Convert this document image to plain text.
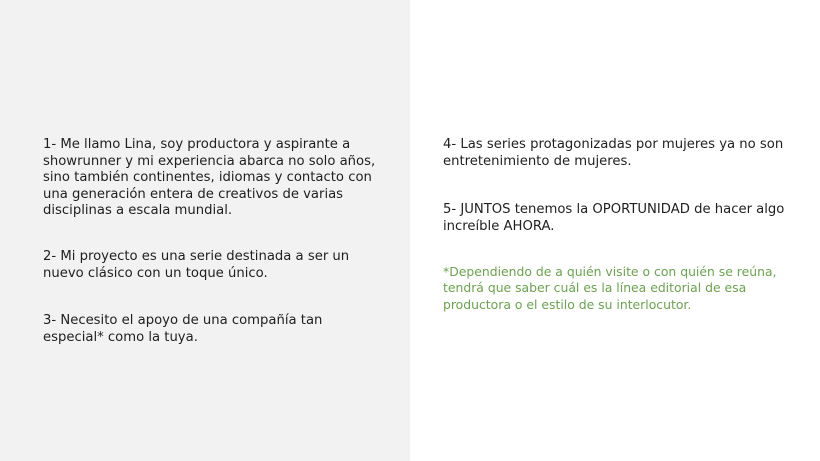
1- Me llamo Lina, soy productora y aspirante a showrunner y mi experiencia abarca no solo años, sino también continentes, idiomas y contacto con una generación entera de creativos de varias disciplinas a escala mundial.

2- Mi proyecto es una serie destinada a ser un nuevo clásico con un toque único.

3- Necesito el apoyo de una compañía tan especial* como la tuya.

4- Las series protagonizadas por mujeres ya no son entretenimiento de mujeres.

5- JUNTOS tenemos la OPORTUNIDAD de hacer algo increíble AHORA.

*Dependiendo de a quién visite o con quién se reúna, tendrá que saber cuál es la línea editorial de esa productora o el estilo de su interlocutor.
